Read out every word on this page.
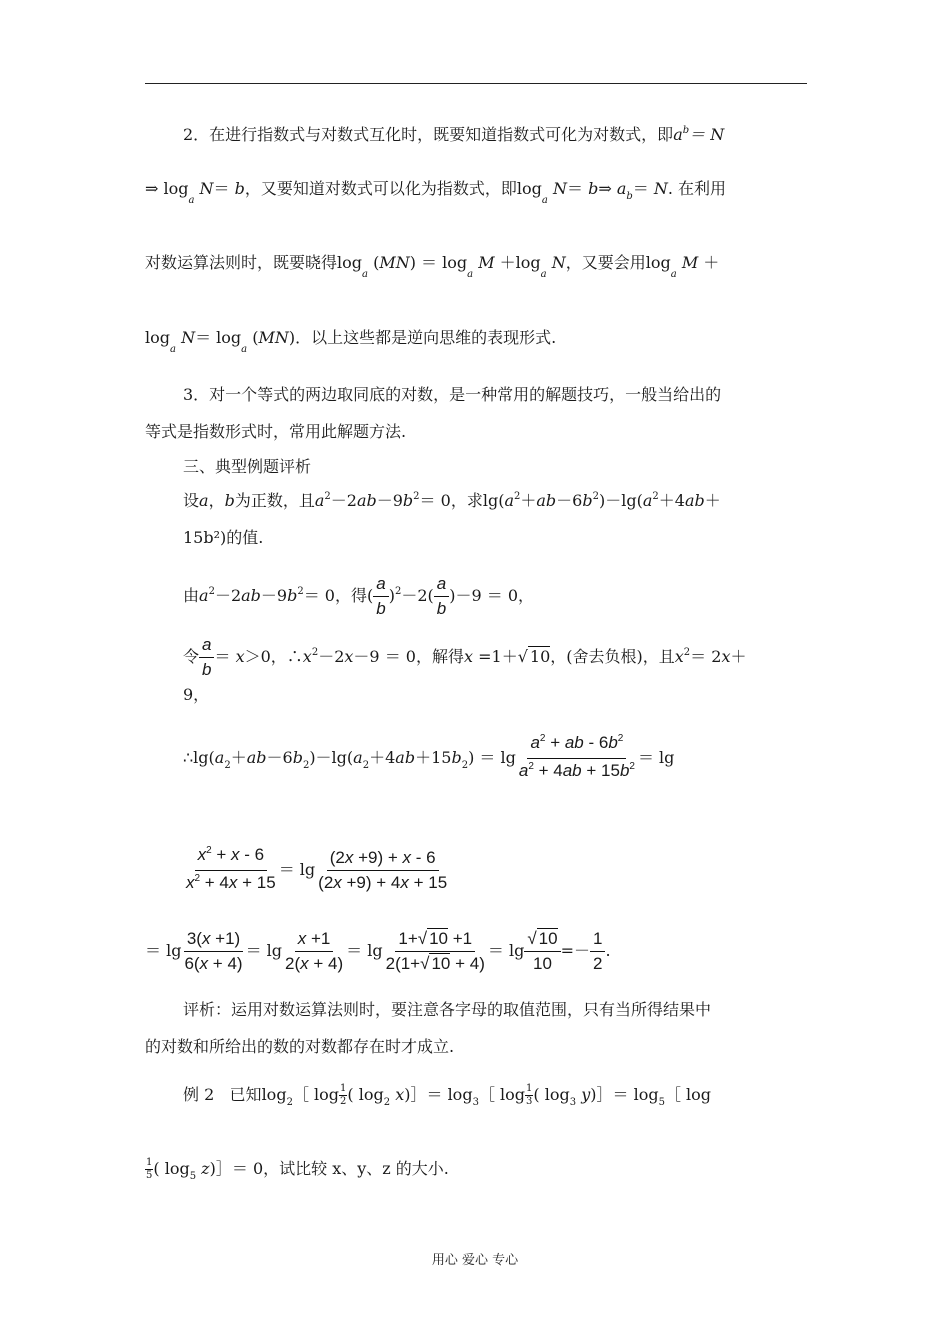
2．在进行指数式与对数式互化时，既要知道指数式可化为对数式，即$a^b= N$
⇒ $\log_a N= b$，又要知道对数式可以化为指数式，即$\log_a N=$ b⇒ $a_b= N$. 在利用
对数运算法则时，既要晓得$\log_a (MN) = \log_a M +\log_a$ N，又要会用$\log_a M$ ＋
$\log_a N= \log_a (MN)$．以上这些都是逆向思维的表现形式.
3．对一个等式的两边取同底的对数，是一种常用的解题技巧，一般当给出的
等式是指数形式时，常用此解题方法.
三、典型例题评析
设a，b为正数，且$a^2-2ab-9b^2= 0$，求$\lg(a^2+ab-6b^2)-\lg(a^2+4ab+$
15b²)的值.
由$a^2-2ab-9b^2= 0$，得( $\frac{a}{b} )^2-2( \frac{a}{b} )-9 = 0$，
令 $\frac{a}{b} = x>0$，$\therefore x^2-2x-9 = 0$，解得x =1＋√ 10，(舍去负根)，且$x^2= 2x+$
9，
$\therefore\lg(a_2+ab-6b_2)-\lg(a_2+4ab+15b_2) = \lg \frac{a^2 + ab - 6b^2}{a^2 + 4ab + 15b^2} = \lg$
$\frac{x^2 + x - 6}{x^2 + 4x + 15} = \lg \frac{(2x +9) + x - 6}{(2x +9) + 4x + 15}$
＝ $\lg \frac{3(x +1)}{6(x + 4)} = \lg \frac{x +1}{2(x + 4)} = \lg \frac{1+√ 10 +1}{2(1+√ 10 + 4)} = \lg \frac{√ 10}{10} =- \frac{1}{2}$ .
评析：运用对数运算法则时，要注意各字母的取值范围，只有当所得结果中
的对数和所给出的数的对数都存在时才成立.
例 2 已知$\log_2[$ $\log \frac{1}{2}$ ( $\log_2$ x)］＝ $\log_3[$ $\log \frac{1}{3}$ ( $\log_3$ y)］＝ $\log_5[$ log
$\frac{1}{5}$ ( $\log_5$ z)］＝ 0，试比较 x、y、z 的大小.
用心 爱心 专心
